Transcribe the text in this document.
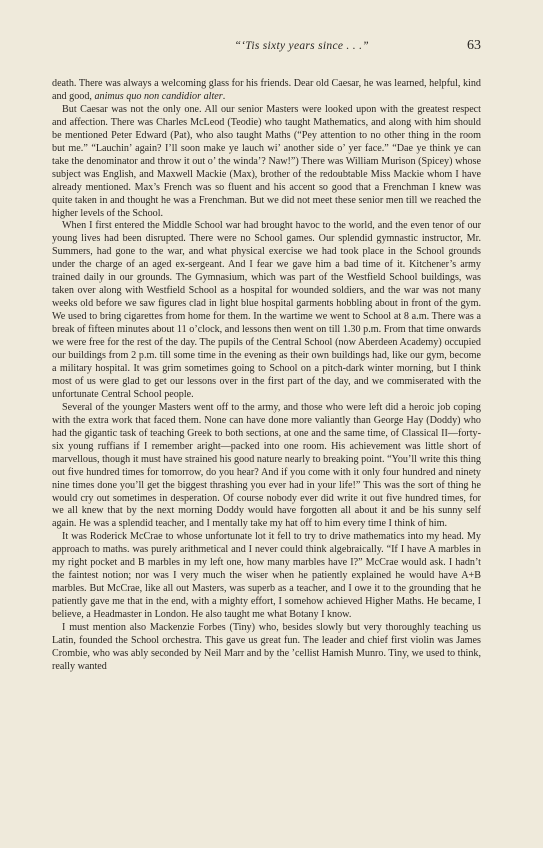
“‘Tis sixty years since . . .”	63

death. There was always a welcoming glass for his friends. Dear old Caesar, he was learned, helpful, kind and good, animus quo non candidior alter.

But Caesar was not the only one. All our senior Masters were looked upon with the greatest respect and affection. There was Charles McLeod (Teodie) who taught Mathematics, and along with him should be mentioned Peter Edward (Pat), who also taught Maths (“Pey attention to no other thing in the room but me.” “Lauchin’ again? I’ll soon make ye lauch wi’ another side o’ yer face.” “Dae ye think ye can take the denominator and throw it out o’ the winda’? Naw!”) There was William Murison (Spicey) whose subject was English, and Maxwell Mackie (Max), brother of the redoubtable Miss Mackie whom I have already mentioned. Max’s French was so fluent and his accent so good that a Frenchman I knew was quite taken in and thought he was a Frenchman. But we did not meet these senior men till we reached the higher levels of the School.

When I first entered the Middle School war had brought havoc to the world, and the even tenor of our young lives had been disrupted. There were no School games. Our splendid gymnastic instructor, Mr. Summers, had gone to the war, and what physical exercise we had took place in the School grounds under the charge of an aged ex-sergeant. And I fear we gave him a bad time of it. Kitchener’s army trained daily in our grounds. The Gymnasium, which was part of the Westfield School buildings, was taken over along with Westfield School as a hospital for wounded soldiers, and the war was not many weeks old before we saw figures clad in light blue hospital garments hobbling about in front of the gym. We used to bring cigarettes from home for them. In the wartime we went to School at 8 a.m. There was a break of fifteen minutes about 11 o’clock, and lessons then went on till 1.30 p.m. From that time onwards we were free for the rest of the day. The pupils of the Central School (now Aberdeen Academy) occupied our buildings from 2 p.m. till some time in the evening as their own buildings had, like our gym, become a military hospital. It was grim sometimes going to School on a pitch-dark winter morning, but I think most of us were glad to get our lessons over in the first part of the day, and we commiserated with the unfortunate Central School people.

Several of the younger Masters went off to the army, and those who were left did a heroic job coping with the extra work that faced them. None can have done more valiantly than George Hay (Doddy) who had the gigantic task of teaching Greek to both sections, at one and the same time, of Classical II—forty-six young ruffians if I remember aright—packed into one room. His achievement was little short of marvellous, though it must have strained his good nature nearly to breaking point. “You’ll write this thing out five hundred times for tomorrow, do you hear? And if you come with it only four hundred and ninety nine times done you’ll get the biggest thrashing you ever had in your life!” This was the sort of thing he would cry out sometimes in desperation. Of course nobody ever did write it out five hundred times, for we all knew that by the next morning Doddy would have forgotten all about it and be his sunny self again. He was a splendid teacher, and I mentally take my hat off to him every time I think of him.

It was Roderick McCrae to whose unfortunate lot it fell to try to drive mathematics into my head. My approach to maths. was purely arithmetical and I never could think algebraically. “If I have A marbles in my right pocket and B marbles in my left one, how many marbles have I?” McCrae would ask. I hadn’t the faintest notion; nor was I very much the wiser when he patiently explained he would have A+B marbles. But McCrae, like all out Masters, was superb as a teacher, and I owe it to the grounding that he patiently gave me that in the end, with a mighty effort, I somehow achieved Higher Maths. He became, I believe, a Headmaster in London. He also taught me what Botany I know.

I must mention also Mackenzie Forbes (Tiny) who, besides slowly but very thoroughly teaching us Latin, founded the School orchestra. This gave us great fun. The leader and chief first violin was James Crombie, who was ably seconded by Neil Marr and by the ’cellist Hamish Munro. Tiny, we used to think, really wanted
